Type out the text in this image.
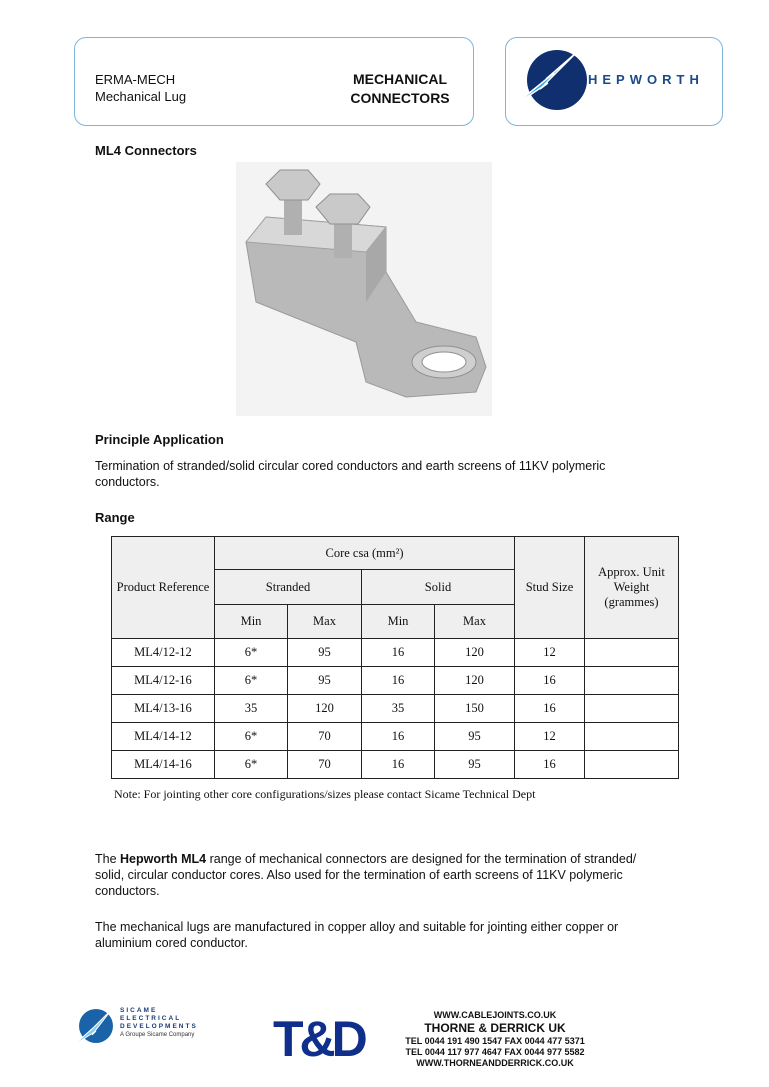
ERMA-MECH
Mechanical Lug
MECHANICAL
CONNECTORS
HEPWORTH
ML4 Connectors
Principle Application
Termination of stranded/solid circular cored conductors and earth screens of 11KV polymeric
conductors.
Range
Product Reference	Core csa (mm²)				Stud Size	Approx. Unit Weight (grammes)
	Stranded		Solid			
	Min	Max	Min	Max		
ML4/12-12	6*	95	16	120	12	
ML4/12-16	6*	95	16	120	16	
ML4/13-16	35	120	35	150	16	
ML4/14-12	6*	70	16	95	12	
ML4/14-16	6*	70	16	95	16	
Note: For jointing other core configurations/sizes please contact Sicame Technical Dept
The Hepworth ML4 range of mechanical connectors are designed for the termination of stranded/
solid, circular conductor cores. Also used for the termination of earth screens of 11KV polymeric
conductors.
The mechanical lugs are manufactured in copper alloy and suitable for jointing either copper or
aluminium cored conductor.
SICAME
ELECTRICAL
DEVELOPMENTS
A Groupe Sicame Company T&D	WWW.CABLEJOINTS.CO.UK
THORNE & DERRICK UK
TEL 0044 191 490 1547 FAX 0044 477 5371
TEL 0044 117 977 4647 FAX 0044 977 5582
WWW.THORNEANDDERRICK.CO.UK
